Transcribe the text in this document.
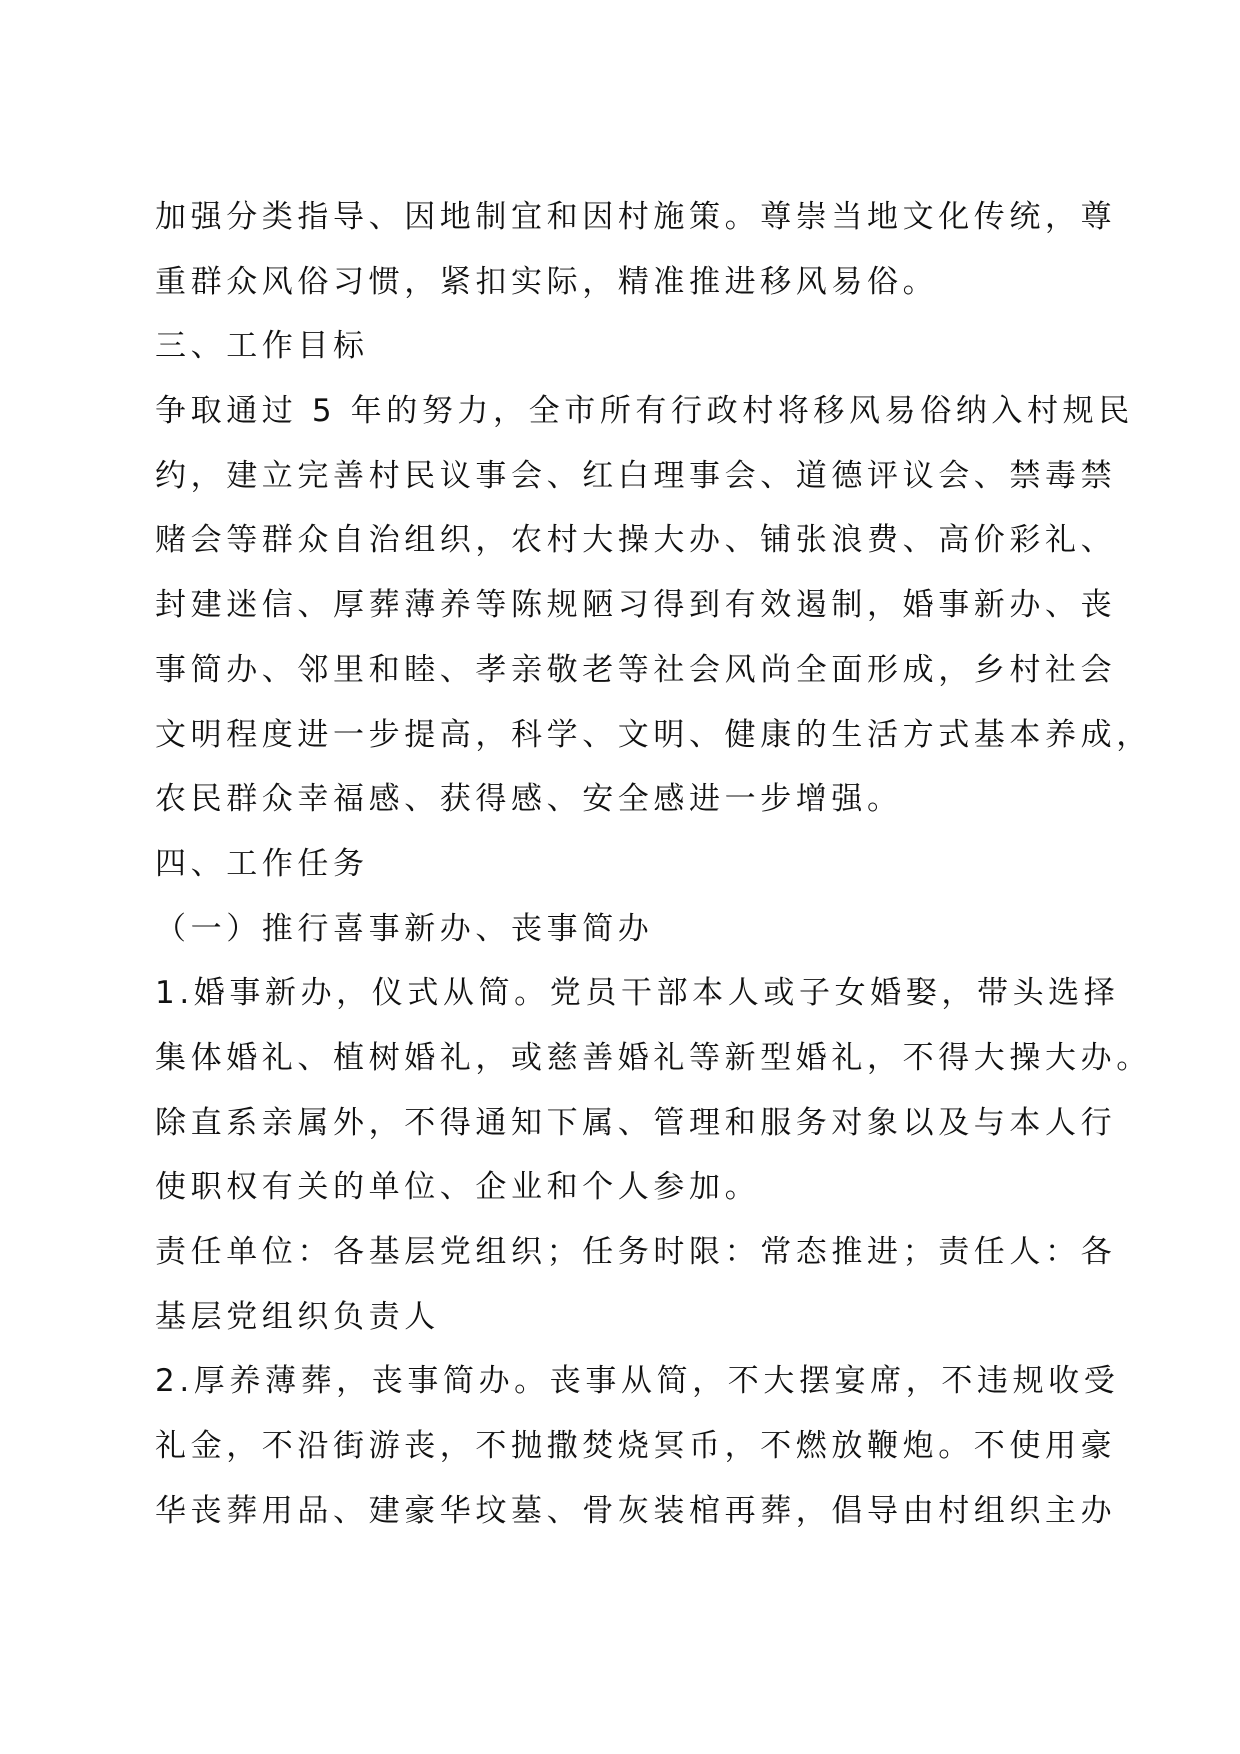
加强分类指导、因地制宜和因村施策。尊崇当地文化传统，尊
重群众风俗习惯，紧扣实际，精准推进移风易俗。
三、工作目标
争取通过 5 年的努力，全市所有行政村将移风易俗纳入村规民
约，建立完善村民议事会、红白理事会、道德评议会、禁毒禁
赌会等群众自治组织，农村大操大办、铺张浪费、高价彩礼、
封建迷信、厚葬薄养等陈规陋习得到有效遏制，婚事新办、丧
事简办、邻里和睦、孝亲敬老等社会风尚全面形成，乡村社会
文明程度进一步提高，科学、文明、健康的生活方式基本养成，
农民群众幸福感、获得感、安全感进一步增强。
四、工作任务
（一）推行喜事新办、丧事简办
1.婚事新办，仪式从简。党员干部本人或子女婚娶，带头选择
集体婚礼、植树婚礼，或慈善婚礼等新型婚礼，不得大操大办。
除直系亲属外，不得通知下属、管理和服务对象以及与本人行
使职权有关的单位、企业和个人参加。
责任单位：各基层党组织；任务时限：常态推进；责任人：各
基层党组织负责人
2.厚养薄葬，丧事简办。丧事从简，不大摆宴席，不违规收受
礼金，不沿街游丧，不抛撒焚烧冥币，不燃放鞭炮。不使用豪
华丧葬用品、建豪华坟墓、骨灰装棺再葬，倡导由村组织主办
